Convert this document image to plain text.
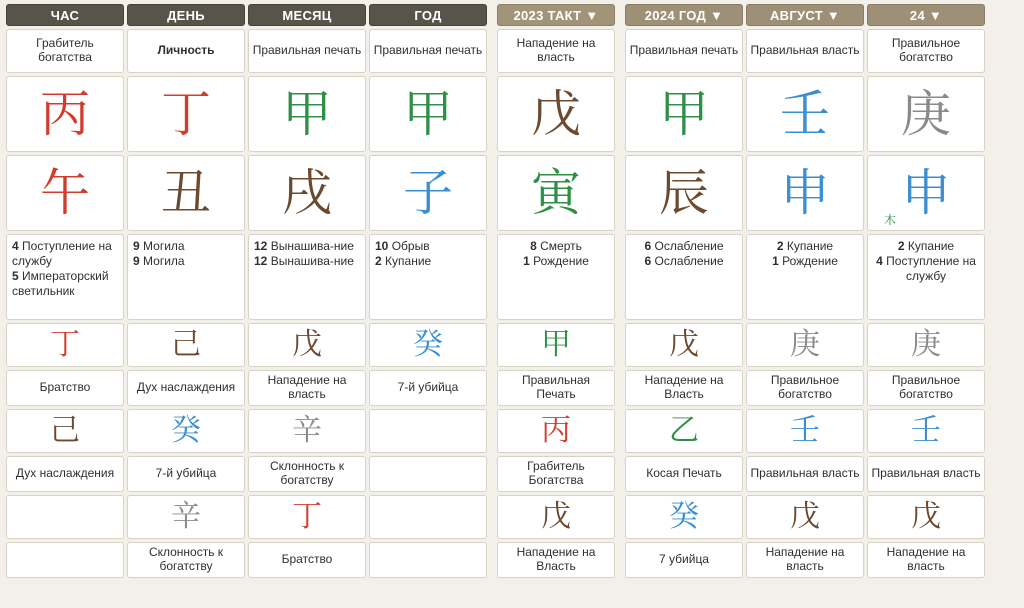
ЧАС
Грабитель богатства
丙
午
4 Поступление на службу
5 Императорский светильник
丁
Братство
己
Дух наслаждения
ДЕНЬ
Личность
丁
丑
9 Могила
9 Могила
己
Дух наслаждения
癸
7-й убийца
辛
Склонность к богатству
МЕСЯЦ
Правильная печать
甲
戌
12 Вынашива-ние
12 Вынашива-ние
戊
Нападение на власть
辛
Склонность к богатству
丁
Братство
ГОД
Правильная печать
甲
子
10 Обрыв
2 Купание
癸
7-й убийца
2023 ТАКТ ▼
Нападение на власть
戊
寅
8 Смерть
1 Рождение
甲
Правильная Печать
丙
Грабитель Богатства
戊
Нападение на Власть
2024 ГОД ▼
Правильная печать
甲
辰
6 Ослабление
6 Ослабление
戊
Нападение на Власть
乙
Косая Печать
癸
7 убийца
АВГУСТ ▼
Правильная власть
壬
申
2 Купание
1 Рождение
庚
Правильное богатство
壬
Правильная власть
戊
Нападение на власть
24 ▼
Правильное богатство
庚
木 申
2 Купание
4 Поступление на службу
庚
Правильное богатство
壬
Правильная власть
戊
Нападение на власть
